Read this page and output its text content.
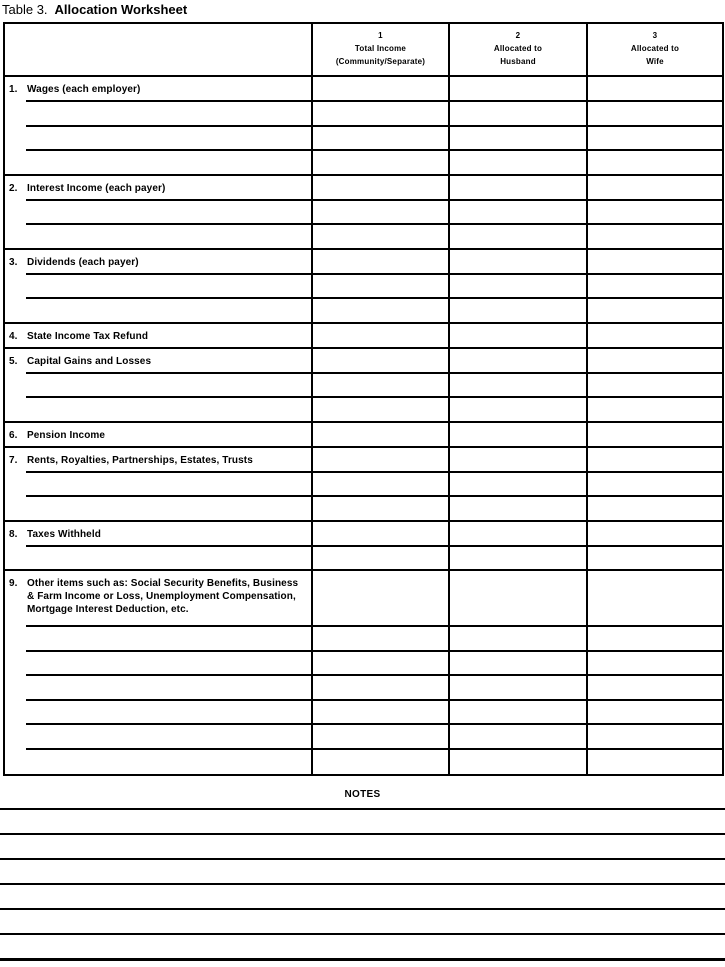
Table 3. Allocation Worksheet
1
Total Income
(Community/Separate)
2
Allocated to
Husband
3
Allocated to
Wife
1. Wages (each employer)
2. Interest Income (each payer)
3. Dividends (each payer)
4. State Income Tax Refund
5. Capital Gains and Losses
6. Pension Income
7. Rents, Royalties, Partnerships, Estates, Trusts
8. Taxes Withheld
9. Other items such as: Social Security Benefits, Business & Farm Income or Loss, Unemployment Compensation, Mortgage Interest Deduction, etc.
NOTES
